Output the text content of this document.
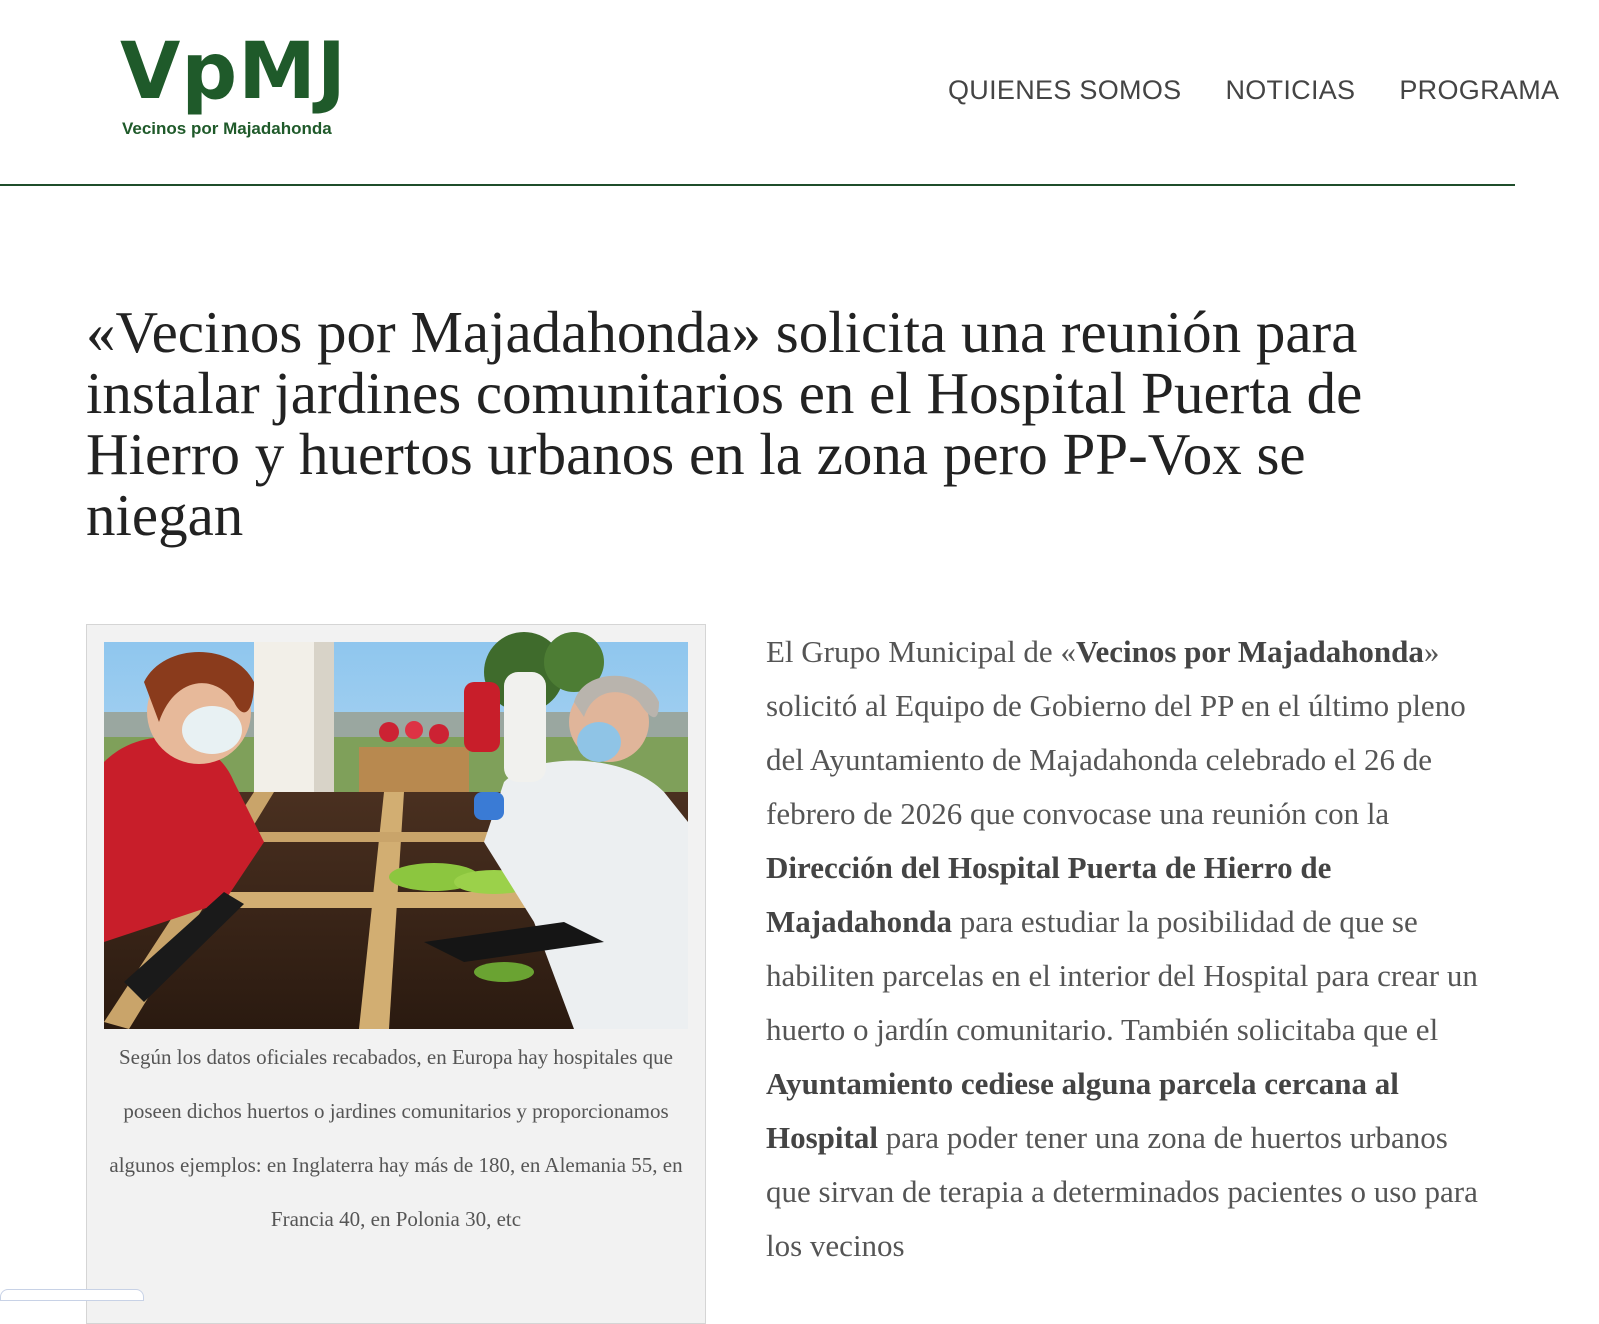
VpMJ
Vecinos por Majadahonda
QUIENES SOMOS NOTICIAS PROGRAMA
«Vecinos por Majadahonda» solicita una reunión para instalar jardines comunitarios en el Hospital Puerta de Hierro y huertos urbanos en la zona pero PP-Vox se niegan
Según los datos oficiales recabados, en Europa hay hospitales que poseen dichos huertos o jardines comunitarios y proporcionamos algunos ejemplos: en Inglaterra hay más de 180, en Alemania 55, en Francia 40, en Polonia 30, etc

El Grupo Municipal de «Vecinos por Majadahonda» solicitó al Equipo de Gobierno del PP en el último pleno del Ayuntamiento de Majadahonda celebrado el 26 de febrero de 2026 que convocase una reunión con la Dirección del Hospital Puerta de Hierro de Majadahonda para estudiar la posibilidad de que se habiliten parcelas en el interior del Hospital para crear un huerto o jardín comunitario. También solicitaba que el Ayuntamiento cediese alguna parcela cercana al Hospital para poder tener una zona de huertos urbanos que sirvan de terapia a determinados pacientes o uso para los vecinos
